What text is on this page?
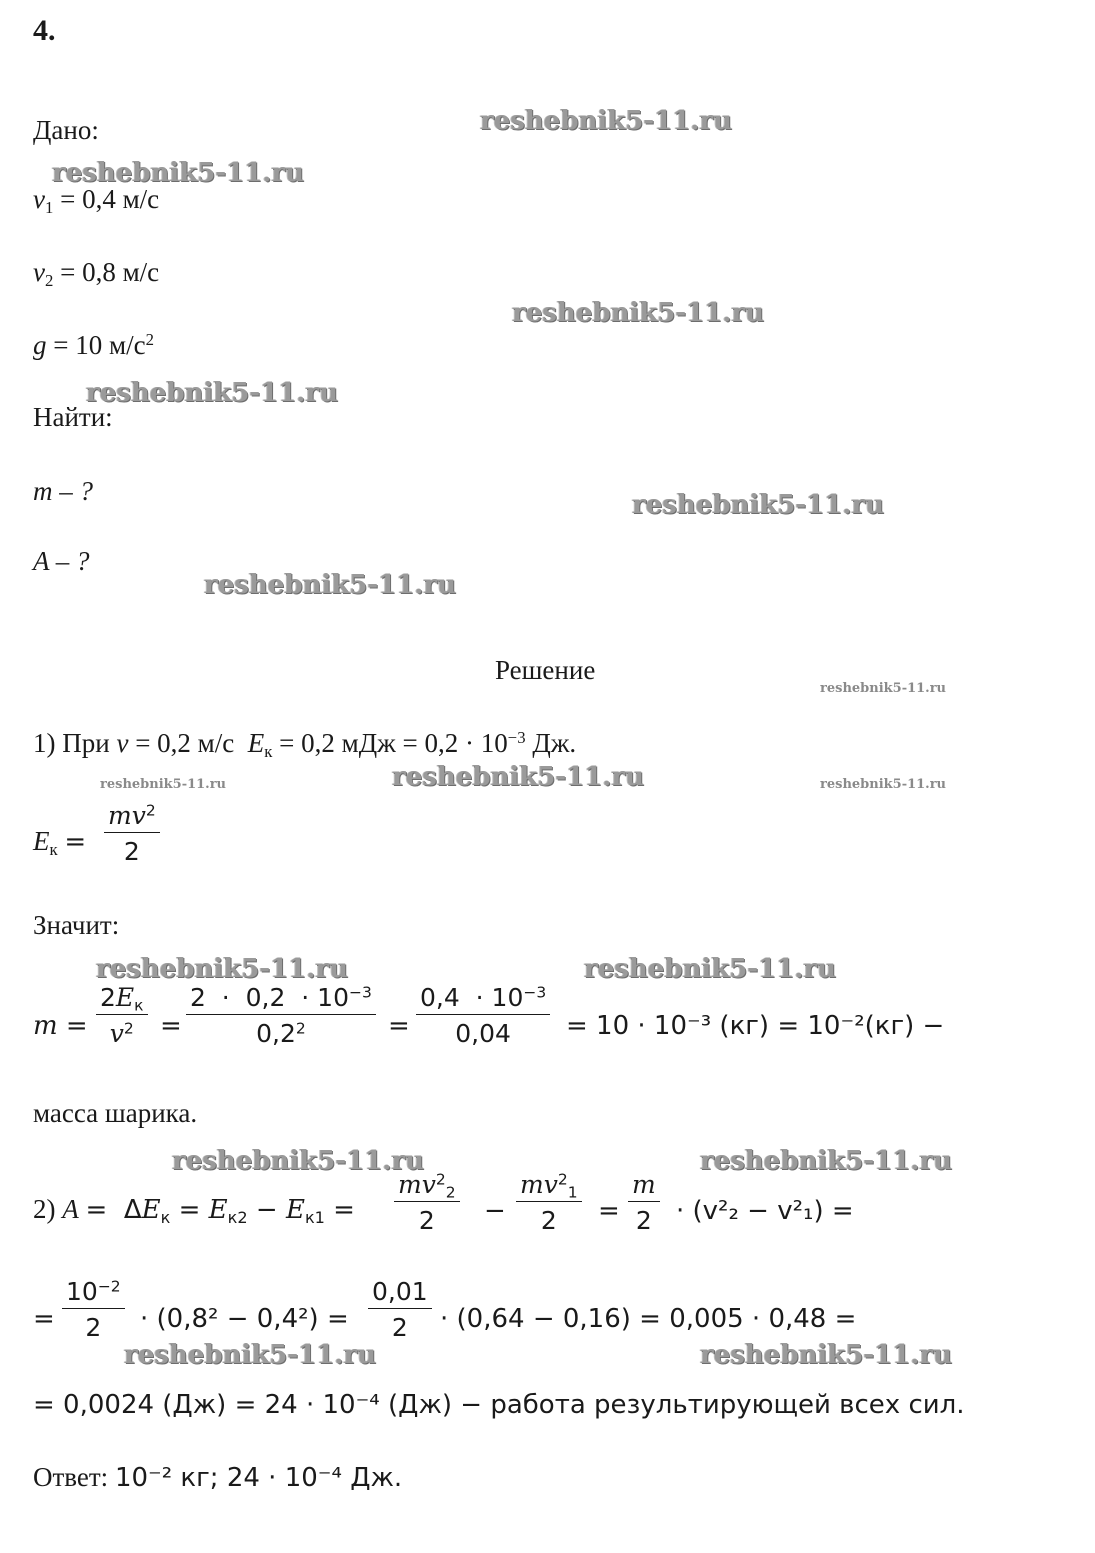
4.
Дано:
$v_1 = 0,4$ м/с
$v_2 = 0,8$ м/с
g = 10 $м/с^2$
Найти:
m – ?
A – ?
Решение
1) При v = 0,2 м/с $E_к = 0,2$ мДж = $0,2 \cdot 10^{-3}$ Дж.
$E_к$ =
$mv^2$
2
Значит:
m =
$2E_к$
$v^2$ =
$2 \cdot 0,2 \cdot 10^{-3}$
$0,2^2$	=
$0,4 \cdot 10^{-3}$
0,04 = 10 · 10⁻³ (кг) = 10⁻²(кг) −
масса шарика.
2) $A = \Delta E_к = E_{к2} - E_{к1}$ =
$mv^2_2$
2 −
$mv^2_1$
2 =
m
2 · (v²₂ − v²₁) =
=
$10^{-2}$
2 · (0,8² − 0,4²) =
0,01
2 · (0,64 − 0,16) = 0,005 · 0,48 =
= 0,0024 (Дж) = 24 · 10⁻⁴ (Дж) − работа результирующей всех сил.
Ответ: 10⁻² кг; 24 · 10⁻⁴ Дж.
reshebnik5-11.ru
reshebnik5-11.ru
reshebnik5-11.ru
reshebnik5-11.ru
reshebnik5-11.ru
reshebnik5-11.ru
reshebnik5-11.ru
reshebnik5-11.ru	reshebnik5-11.ru	reshebnik5-11.ru
reshebnik5-11.ru	reshebnik5-11.ru
reshebnik5-11.ru	reshebnik5-11.ru
reshebnik5-11.ru	reshebnik5-11.ru
